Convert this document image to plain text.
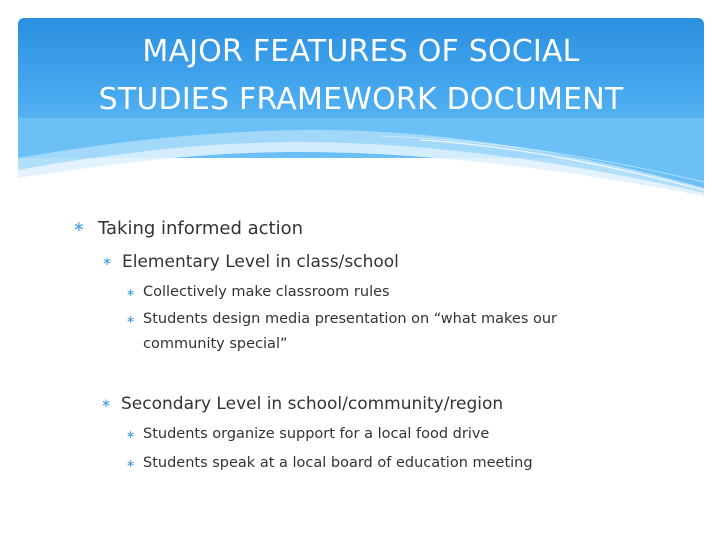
MAJOR FEATURES OF SOCIAL
STUDIES FRAMEWORK DOCUMENT
∗ Taking informed action
∗ Elementary Level in class/school
∗ Collectively make classroom rules
∗ Students design media presentation on “what makes our community special”
∗ Secondary Level in school/community/region
∗ Students organize support for a local food drive
∗ Students speak at a local board of education meeting
